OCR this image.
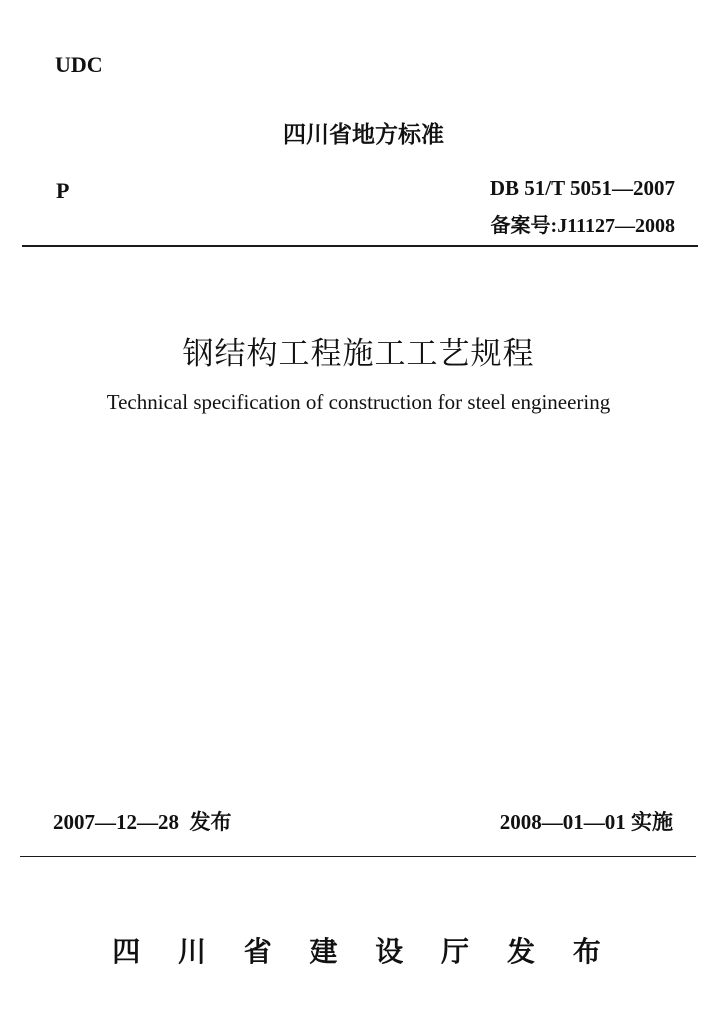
UDC
四川省地方标准
P	DB 51/T 5051—2007
备案号:J11127—2008
钢结构工程施工工艺规程
Technical specification of construction for steel engineering
2007—12—28  发布	2008—01—01 实施
四 川 省 建 设 厅 发 布
